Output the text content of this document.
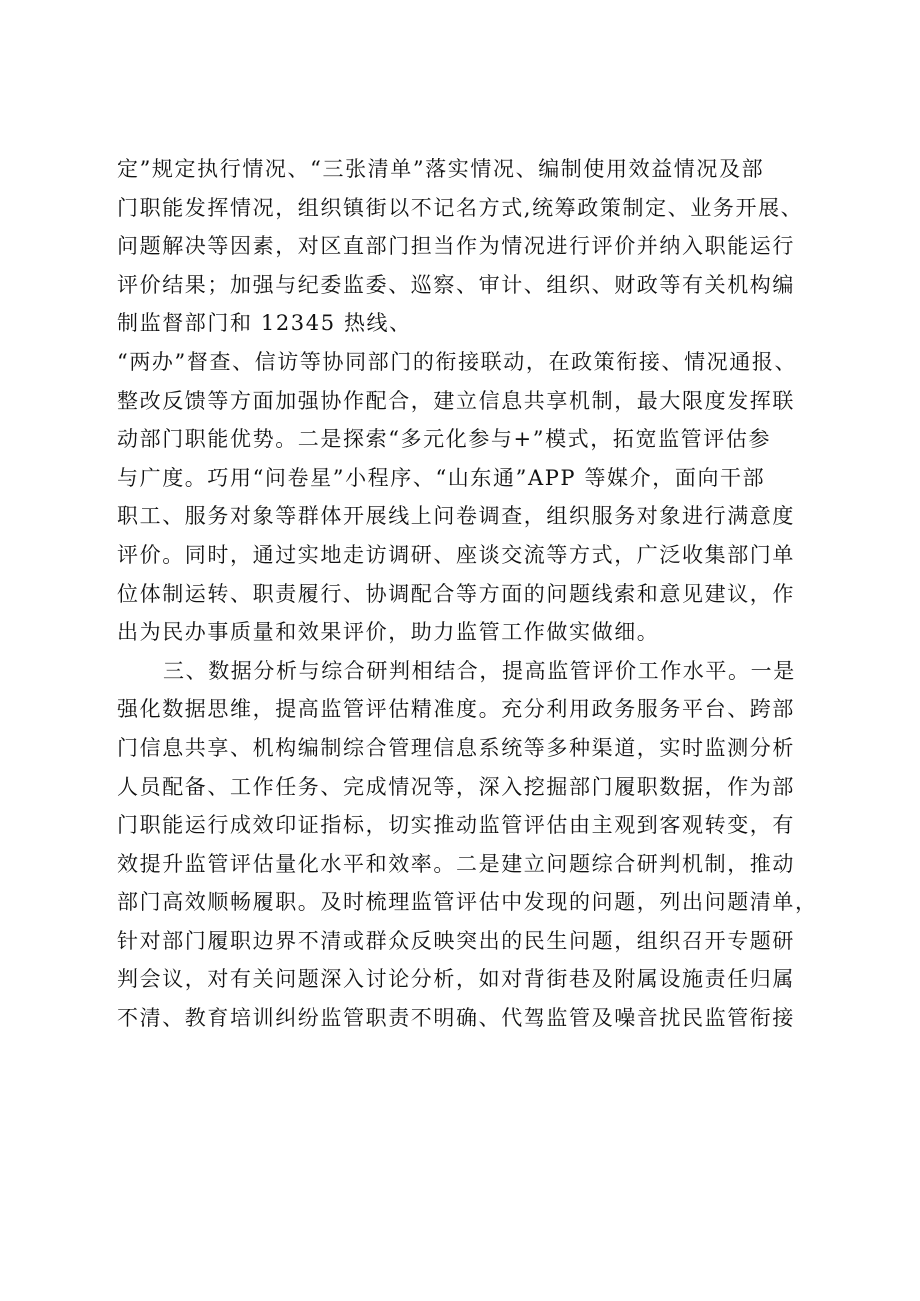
定”规定执行情况、“三张清单”落实情况、编制使用效益情况及部
门职能发挥情况，组织镇街以不记名方式,统筹政策制定、业务开展、
问题解决等因素，对区直部门担当作为情况进行评价并纳入职能运行
评价结果；加强与纪委监委、巡察、审计、组织、财政等有关机构编
制监督部门和 12345 热线、
“两办”督查、信访等协同部门的衔接联动，在政策衔接、情况通报、
整改反馈等方面加强协作配合，建立信息共享机制，最大限度发挥联
动部门职能优势。二是探索“多元化参与+”模式，拓宽监管评估参
与广度。巧用“问卷星”小程序、“山东通”APP 等媒介，面向干部
职工、服务对象等群体开展线上问卷调查，组织服务对象进行满意度
评价。同时，通过实地走访调研、座谈交流等方式，广泛收集部门单
位体制运转、职责履行、协调配合等方面的问题线索和意见建议，作
出为民办事质量和效果评价，助力监管工作做实做细。
三、数据分析与综合研判相结合，提高监管评价工作水平。一是
强化数据思维，提高监管评估精准度。充分利用政务服务平台、跨部
门信息共享、机构编制综合管理信息系统等多种渠道，实时监测分析
人员配备、工作任务、完成情况等，深入挖掘部门履职数据，作为部
门职能运行成效印证指标，切实推动监管评估由主观到客观转变，有
效提升监管评估量化水平和效率。二是建立问题综合研判机制，推动
部门高效顺畅履职。及时梳理监管评估中发现的问题，列出问题清单，
针对部门履职边界不清或群众反映突出的民生问题，组织召开专题研
判会议，对有关问题深入讨论分析，如对背街巷及附属设施责任归属
不清、教育培训纠纷监管职责不明确、代驾监管及噪音扰民监管衔接
